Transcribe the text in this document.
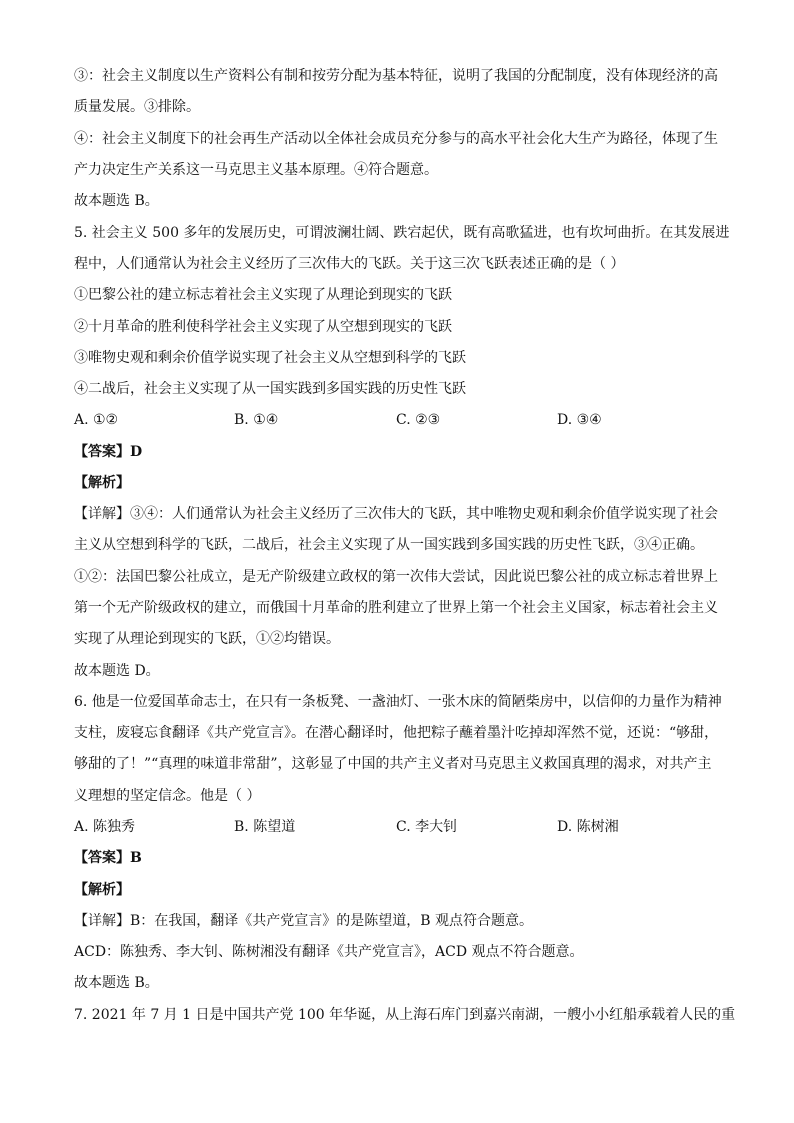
③：社会主义制度以生产资料公有制和按劳分配为基本特征，说明了我国的分配制度，没有体现经济的高
质量发展。③排除。
④：社会主义制度下的社会再生产活动以全体社会成员充分参与的高水平社会化大生产为路径，体现了生
产力决定生产关系这一马克思主义基本原理。④符合题意。
故本题选 B。
5. 社会主义 500 多年的发展历史，可谓波澜壮阔、跌宕起伏，既有高歌猛进，也有坎坷曲折。在其发展进
程中，人们通常认为社会主义经历了三次伟大的飞跃。关于这三次飞跃表述正确的是（ ）
①巴黎公社的建立标志着社会主义实现了从理论到现实的飞跃
②十月革命的胜利使科学社会主义实现了从空想到现实的飞跃
③唯物史观和剩余价值学说实现了社会主义从空想到科学的飞跃
④二战后，社会主义实现了从一国实践到多国实践的历史性飞跃
A. ①②	B. ①④	C. ②③	D. ③④
【答案】D
【解析】
【详解】③④：人们通常认为社会主义经历了三次伟大的飞跃，其中唯物史观和剩余价值学说实现了社会
主义从空想到科学的飞跃，二战后，社会主义实现了从一国实践到多国实践的历史性飞跃，③④正确。
①②：法国巴黎公社成立，是无产阶级建立政权的第一次伟大尝试，因此说巴黎公社的成立标志着世界上
第一个无产阶级政权的建立，而俄国十月革命的胜利建立了世界上第一个社会主义国家，标志着社会主义
实现了从理论到现实的飞跃，①②均错误。
故本题选 D。
6. 他是一位爱国革命志士，在只有一条板凳、一盏油灯、一张木床的简陋柴房中，以信仰的力量作为精神
支柱，废寝忘食翻译《共产党宣言》。在潜心翻译时，他把粽子蘸着墨汁吃掉却浑然不觉，还说：“够甜，
够甜的了！”“真理的味道非常甜”，这彰显了中国的共产主义者对马克思主义救国真理的渴求，对共产主
义理想的坚定信念。他是（ ）
A. 陈独秀	B. 陈望道	C. 李大钊	D. 陈树湘
【答案】B
【解析】
【详解】B：在我国，翻译《共产党宣言》的是陈望道，B 观点符合题意。
ACD：陈独秀、李大钊、陈树湘没有翻译《共产党宣言》，ACD 观点不符合题意。
故本题选 B。
7. 2021 年 7 月 1 日是中国共产党 100 年华诞，从上海石库门到嘉兴南湖，一艘小小红船承载着人民的重
